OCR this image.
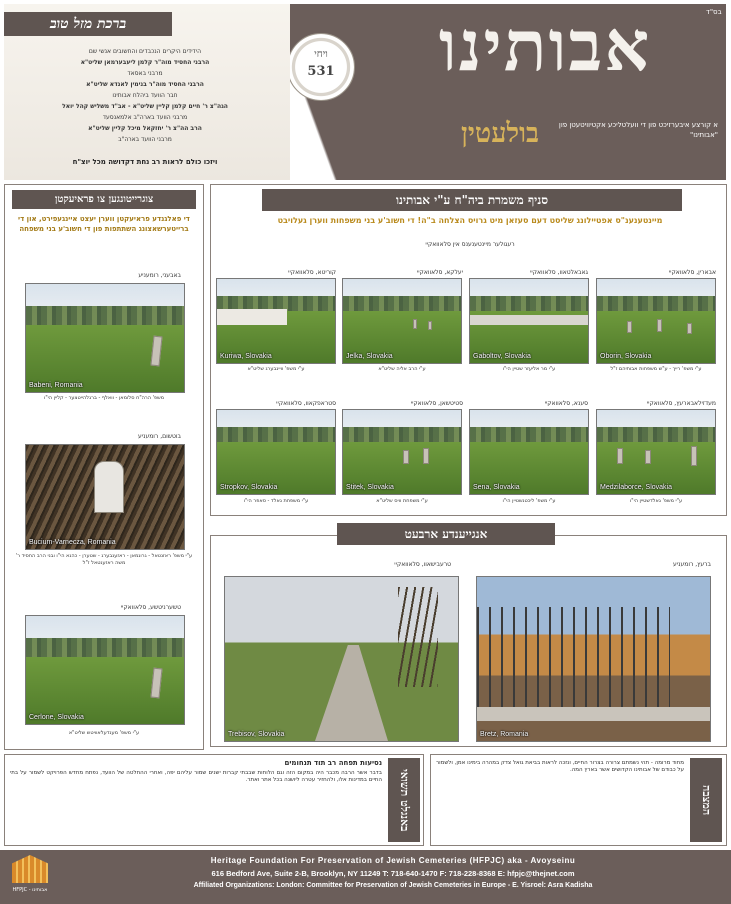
בס"ד
אבותינו
בולעטין	א קורצע איבערזיכט פון די וועלטליכע אקטיוויטעטן פון "אבותינו"
ויחי
531
ברכת מזל טוב
הידידים היקרים הנכבדים והחשובים אנשי שם
הרבני החסיד מוה"ר קלמן ליעבערמאן שליט"א
מרבני באסאד
הרבני החסיד מוה"ר בנימין לאנדא שליט"א
חבר הוועד ביהלח אבותינו
הגה"צ ר' חיים קלמן קליין שליט"א - אב"ד משליש קהל יואל
מרבני הוועד בארה"ב אלמאנסעד
הרב הה"צ ר' יחזקאל מיכל קליין שליט"א
מרבני הוועד בארה"ב
ויזכו כולם לראות רב נחת דקדושה מכל יוצ"ח
צוגרייטונגען צו פראיעקטן
די פאלגנדע פראיעקטן ווערן יעצט איינגעפירט, און די ברייטערשאצונג השתתפות פון די חשוב'ע בני משפחה
באבעני, רומעניע
Babeni, Romania
משפ' הרה"ח סלומאן - וואלף - ברגלהייטצער - קליין הי"ו
בוטשום, רומעניע
Bucium-Varnecza, Romania
ע"י משפ' ראזנטאל - גרונמאן - ראזענבערג - שטערן - כהנא הי"ו ובני הרב החסיד ר' משה ראזענטאל ז"ל
טשערניטשע, סלאוואקיי
Cerlone, Slovakia
ע"י משפ' מענדעלאוויטש שליט"א
סניף משמרת ביה"ח ע"י אבותינו
מיינטענענ"ס אפטיילונג שליסט דעם סעזאן מיט גרויס הצלחה ב"ה! די חשוב'ע בני משפחות ווערן געלויבט
רעגולער מיינטענענס אין סלאוואקיי
אבארין, סלאוואקיי
Oborin, Slovakia
ע"י משפ' רייך - ע"ש משפחות אבותיהם ז"ל
גאבאלטאוו, סלאוואקיי
Gaboltov, Slovakia
ע"י מר אליעזר שטיין הי"ו
יעלקא, סלאוואקיי
Jelka, Slovakia
ע"י הרב אליה שליט"א
קוריטא, סלאוואקיי
Kuriwa, Slovakia
ע"י משפ' וויינבערג שליט"א
מעדזילאבארעץ, סלאוואקיי
Medzilaborce, Slovakia
ע"י משפ' גאלדשטיין הי"ו
סענא, סלאוואקיי
Sena, Slovakia
ע"י משפ' ליכטנשטיין הי"ו
סטיטשאן, סלאוואקיי
Stitek, Slovakia
ע"י משפחת וויס שליט"א
סטראפקאוו, סלאוואקיי
Stropkov, Slovakia
ע"י משפחת גאלד - סאפר הי"ו
אנגייענדע ארבעט
ברעץ, רומעניע
Bretz, Romania
טרעבישאוו, סלאוואקיי
Trebisov, Slovakia
באנגלט תשואי
נסיעות תפחה רב תוד תנחומים
בדבר אשר הרבה מכבר היה במקום הזה וגם הלוחות שבבתי קברות ישנים שמור עליהם יפה, ואחרי ההחלטה של הוועד, נפתח מחדש הפרויקט לשמור על בתי החיים במדינות אלו, ולהחזיר עטרה ליושנה בכל אתר ואתר.
המצבה
מחוד מרומה - תהי נשמתם צרורה בצרור החיים, ונזכה לראות בביאת גואל צדק במהרה בימינו אמן, ולשמור על כבודם של אבותינו הקדושים אשר בארץ המה.
HFPJC - אבותינו
Heritage Foundation For Preservation of Jewish Cemeteries (HFPJC) aka - Avoyseinu
616 Bedford Ave, Suite 2-B, Brooklyn, NY 11249 T: 718-640-1470 F: 718-228-8368 E: hfpjc@thejnet.com
Affiliated Organizations: London: Committee for Preservation of Jewish Cemeteries in Europe - E. Yisroel: Asra Kadisha
